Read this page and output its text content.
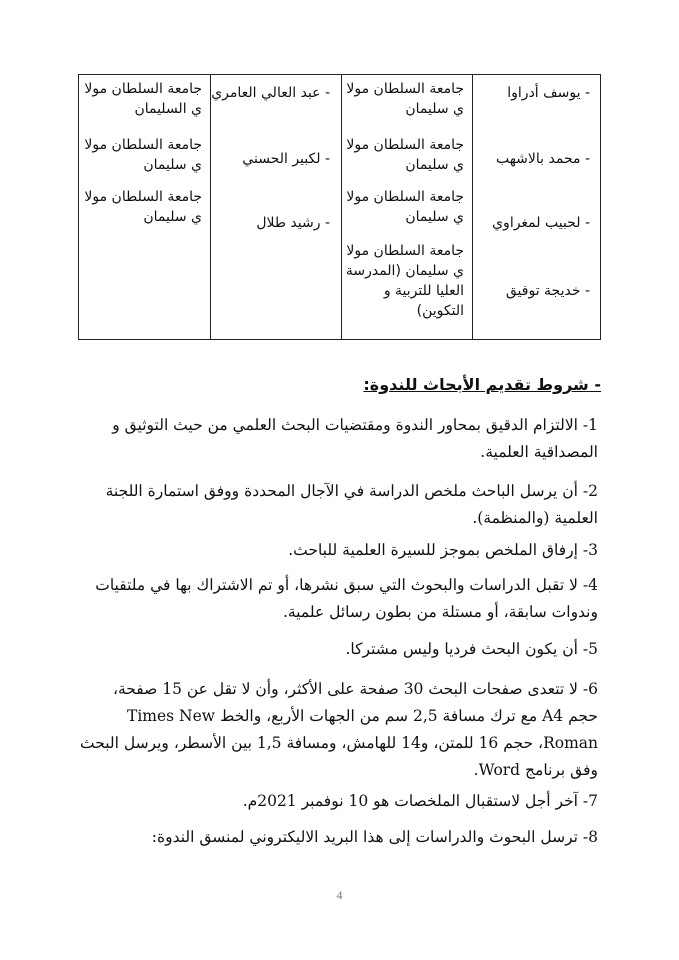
- يوسف أدراوا
جامعة السلطان مولا
ي سليمان
- عبد العالي العامري
جامعة السلطان مولا
ي السليمان
- محمد بالاشهب
جامعة السلطان مولا
ي سليمان
- لكبير الحسني
جامعة السلطان مولا
ي سليمان
- لحبيب لمغراوي
جامعة السلطان مولا
ي سليمان
- رشيد طلال
جامعة السلطان مولا
ي سليمان
- خديجة توفيق
جامعة السلطان مولا
ي سليمان (المدرسة
العليا للتربية و
التكوين)
- شروط تقديم الأبحاث للندوة:
1- الالتزام الدقيق بمحاور الندوة ومقتضيات البحث العلمي من حيث التوثيق و
المصداقية العلمية.
2- أن يرسل الباحث ملخص الدراسة في الآجال المحددة ووفق استمارة اللجنة
العلمية (والمنظمة).
3- إرفاق الملخص بموجز للسيرة العلمية للباحث.
4- لا تقبل الدراسات والبحوث التي سبق نشرها، أو تم الاشتراك بها في ملتقيات
وندوات سابقة، أو مستلة من بطون رسائل علمية.
5- أن يكون البحث فرديا وليس مشتركا.
6- لا تتعدى صفحات البحث 30 صفحة على الأكثر، وأن لا تقل عن 15 صفحة،
حجم A4 مع ترك مسافة 2,5 سم من الجهات الأربع، والخط Times New
Roman، حجم 16 للمتن، و14 للهامش، ومسافة 1,5 بين الأسطر، ويرسل البحث
وفق برنامج Word.
7- آخر أجل لاستقبال الملخصات هو 10 نوفمبر 2021م.
8- ترسل البحوث والدراسات إلى هذا البريد الاليكتروني لمنسق الندوة:
4
